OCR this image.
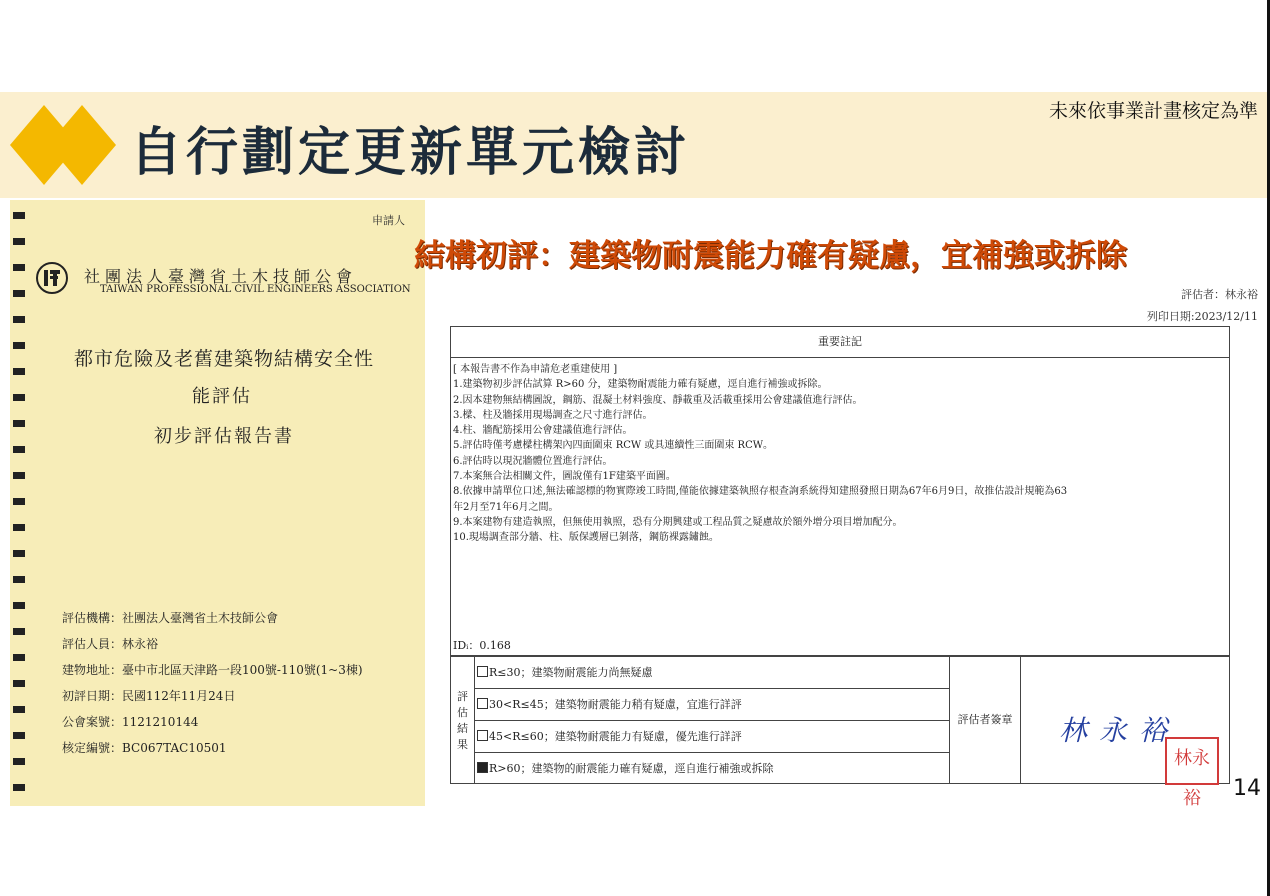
自行劃定更新單元檢討
未來依事業計畫核定為準
申請人
社團法人臺灣省土木技師公會
TAIWAN PROFESSIONAL CIVIL ENGINEERS ASSOCIATION
都市危險及老舊建築物結構安全性
能評估
初步評估報告書
評估機構：社團法人臺灣省土木技師公會
評估人員：林永裕
建物地址：臺中市北區天津路一段100號-110號(1~3棟)
初評日期：民國112年11月24日
公會案號：1121210144
核定編號：BC067TAC10501
結構初評：建築物耐震能力確有疑慮，宜補強或拆除
評估者：林永裕
列印日期:2023/12/11
重要註記
[ 本報告書不作為申請危老重建使用 ]
1.建築物初步評估試算 R>60 分，建築物耐震能力確有疑慮，逕自進行補強或拆除。
2.因本建物無結構圖說，鋼筋、混凝土材料強度、靜載重及活載重採用公會建議值進行評估。
3.樑、柱及牆採用現場調查之尺寸進行評估。
4.柱、牆配筋採用公會建議值進行評估。
5.評估時僅考慮樑柱構架內四面圍束 RCW 或具連續性三面圍束 RCW。
6.評估時以現況牆體位置進行評估。
7.本案無合法相關文件，圖說僅有1F建築平面圖。
8.依據申請單位口述,無法確認標的物實際竣工時間,僅能依據建築執照存根查詢系統得知建照發照日期為67年6月9日，故推估設計規範為63
年2月至71年6月之間。
9.本案建物有建造執照，但無使用執照，恐有分期興建或工程品質之疑慮故於額外增分項目增加配分。
10.現場調查部分牆、柱、版保護層已剝落，鋼筋裸露鏽蝕。
IDᵢ：0.168
評
估
結
果
R≤30；建築物耐震能力尚無疑慮
30<R≤45；建築物耐震能力稍有疑慮，宜進行詳評
45<R≤60；建築物耐震能力有疑慮，優先進行詳評
R>60；建築物的耐震能力確有疑慮，逕自進行補強或拆除
評估者簽章	林永裕
林永裕	14
